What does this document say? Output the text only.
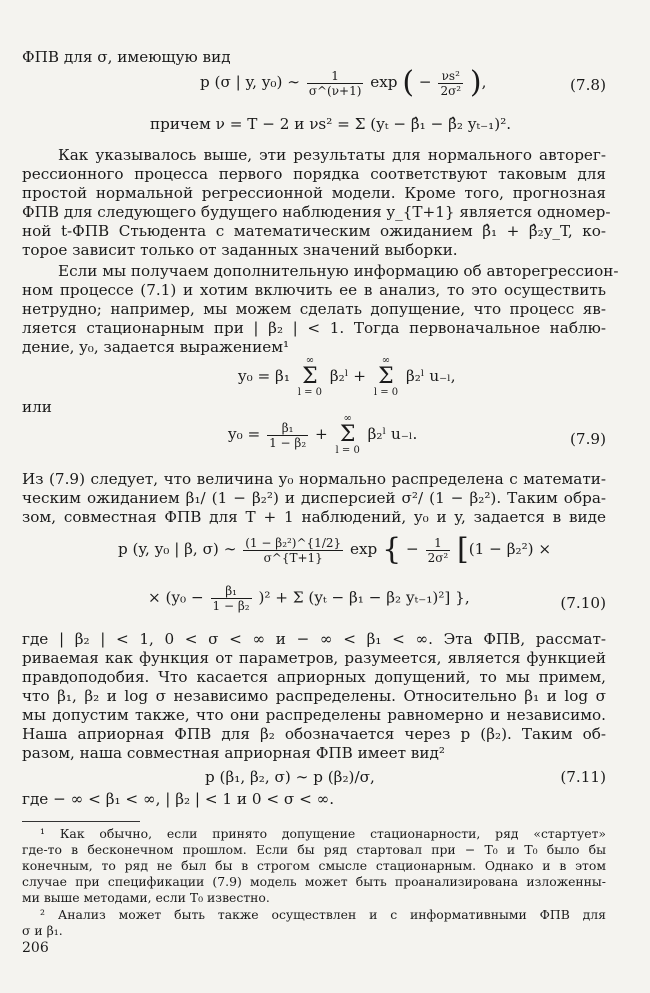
ФПВ для σ, имеющую вид
p (σ | y, y₀) ∼ $\frac{1}{\sigma\^{}(\nu+1)}$ exp ( − $\frac{\text{νs²}}{\text{2σ²}}$ ),	(7.8)
причем ν = T − 2 и νs² = Σ (yₜ − β̂₁ − β̂₂ yₜ₋₁)².
Как указывалось выше, эти результаты для нормального авторег-
рессионного процесса первого порядка соответствуют таковым для
простой нормальной регрессионной модели. Кроме того, прогнозная
ФПВ для следующего будущего наблюдения y_{T+1} является одномер-
ной t-ФПВ Стьюдента с математическим ожиданием β̂₁ + β̂₂y_T, ко-
торое зависит только от заданных значений выборки.
Если мы получаем дополнительную информацию об авторегрессион-
ном процессе (7.1) и хотим включить ее в анализ, то это осуществить
нетрудно; например, мы можем сделать допущение, что процесс яв-
ляется стационарным при | β₂ | < 1. Тогда первоначальное наблю-
дение, y₀, задается выражением¹
y₀ = β₁
∞
Σ
l = 0
β₂ˡ +
∞
Σ
l = 0
β₂ˡ u₋ₗ,
или
$y_0 = \frac{\text{β₁}}{\text{1 − β₂}}$ +
∞
Σ
l = 0
β₂ˡ u₋ₗ.	(7.9)
Из (7.9) следует, что величина y₀ нормально распределена с математи-
ческим ожиданием β₁/ (1 − β₂²) и дисперсией σ²/ (1 − β₂²). Таким обра-
зом, совместная ФПВ для T + 1 наблюдений, y₀ и y, задается в виде
p (y, y₀ | β, σ) ∼ $\frac{\text{(1 − β₂²)\textasciicircum{}\{1/2\}}}{\sigma\^{}\{T+1\}}$ exp { − $\frac{1}{\text{2σ²}} [(1 - \beta_2^2)$ ×
× $(y_0 - \frac{\text{β₁}}{\text{1 − β₂}} )^2 + \Sigma$ (yₜ − β₁ − β₂ yₜ₋₁)²] },	(7.10)
где | β₂ | < 1, 0 < σ < ∞ и − ∞ < β₁ < ∞. Эта ФПВ, рассмат-
риваемая как функция от параметров, разумеется, является функцией
правдоподобия. Что касается априорных допущений, то мы примем,
что β₁, β₂ и log σ независимо распределены. Относительно β₁ и log σ
мы допустим также, что они распределены равномерно и независимо.
Наша априорная ФПВ для β₂ обозначается через p (β₂). Таким об-
разом, наша совместная априорная ФПВ имеет вид²
p (β₁, β₂, σ) ∼ p (β₂)/σ,	(7.11)
где − ∞ < β₁ < ∞, | β₂ | < 1 и 0 < σ < ∞.
¹ Как обычно, если принято допущение стационарности, ряд «стартует»
где-то в бесконечном прошлом. Если бы ряд стартовал при − T₀ и T₀ было бы
конечным, то ряд не был бы в строгом смысле стационарным. Однако и в этом
случае при спецификации (7.9) модель может быть проанализирована изложенны-
ми выше методами, если T₀ известно.
² Анализ может быть также осуществлен и с информативными ФПВ для
σ и β₁.
206
